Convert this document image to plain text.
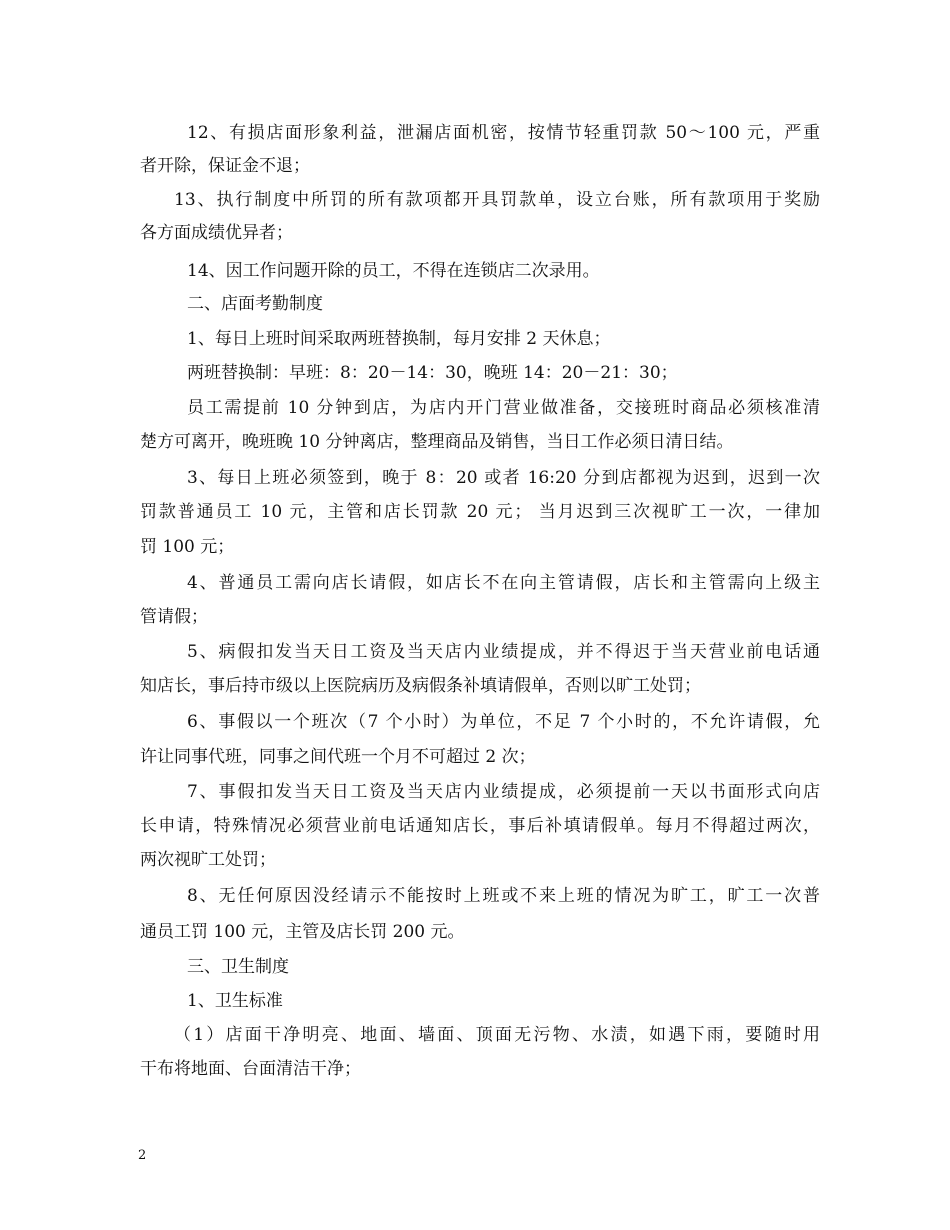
12、有损店面形象利益，泄漏店面机密，按情节轻重罚款 50～100 元，严重
者开除，保证金不退；
13、执行制度中所罚的所有款项都开具罚款单，设立台账，所有款项用于奖励
各方面成绩优异者；
14、因工作问题开除的员工，不得在连锁店二次录用。
二、店面考勤制度
1、每日上班时间采取两班替换制，每月安排 2 天休息；
两班替换制：早班：8：20－14：30，晚班 14：20－21：30；
员工需提前 10 分钟到店，为店内开门营业做准备，交接班时商品必须核准清
楚方可离开，晚班晚 10 分钟离店，整理商品及销售，当日工作必须日清日结。
3、每日上班必须签到，晚于 8：20 或者 16:20 分到店都视为迟到，迟到一次
罚款普通员工 10 元，主管和店长罚款 20 元； 当月迟到三次视旷工一次，一律加
罚 100 元；
4、普通员工需向店长请假，如店长不在向主管请假，店长和主管需向上级主
管请假；
5、病假扣发当天日工资及当天店内业绩提成，并不得迟于当天营业前电话通
知店长，事后持市级以上医院病历及病假条补填请假单，否则以旷工处罚；
6、事假以一个班次（7 个小时）为单位，不足 7 个小时的，不允许请假，允
许让同事代班，同事之间代班一个月不可超过 2 次；
7、事假扣发当天日工资及当天店内业绩提成，必须提前一天以书面形式向店
长申请，特殊情况必须营业前电话通知店长，事后补填请假单。每月不得超过两次，
两次视旷工处罚；
8、无任何原因没经请示不能按时上班或不来上班的情况为旷工，旷工一次普
通员工罚 100 元，主管及店长罚 200 元。
三、卫生制度
1、卫生标准
（1）店面干净明亮、地面、墙面、顶面无污物、水渍，如遇下雨，要随时用
干布将地面、台面清洁干净；
2
